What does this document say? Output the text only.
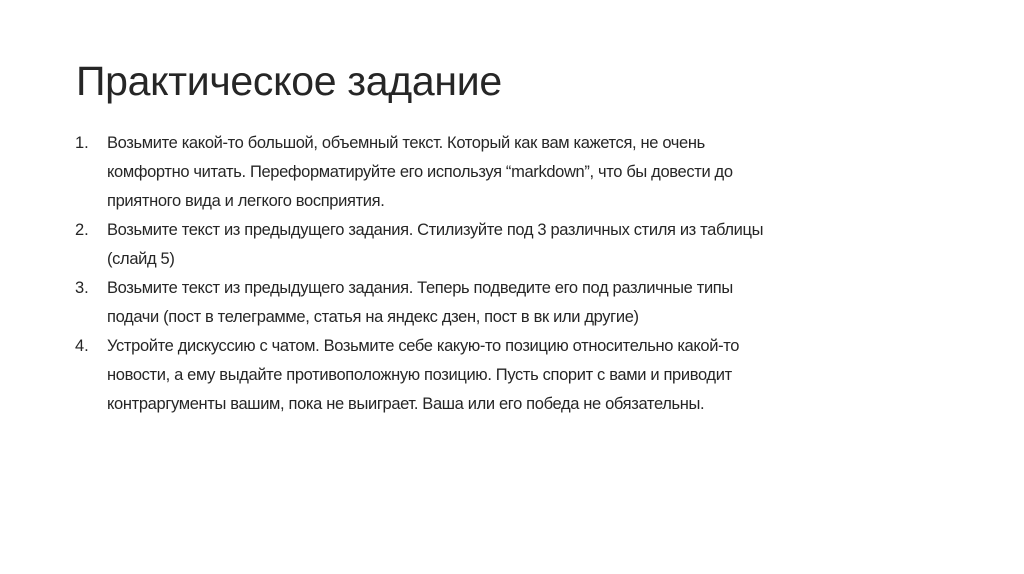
Практическое задание
1. Возьмите какой-то большой, объемный текст. Который как вам кажется, не очень
комфортно читать. Переформатируйте его используя “markdown”, что бы довести до
приятного вида и легкого восприятия.
2. Возьмите текст из предыдущего задания. Стилизуйте под 3 различных стиля из таблицы
(слайд 5)
3. Возьмите текст из предыдущего задания. Теперь подведите его под различные типы
подачи (пост в телеграмме, статья на яндекс дзен, пост в вк или другие)
4. Устройте дискуссию с чатом. Возьмите себе какую-то позицию относительно какой-то
новости, а ему выдайте противоположную позицию. Пусть спорит с вами и приводит
контраргументы вашим, пока не выиграет. Ваша или его победа не обязательны.
